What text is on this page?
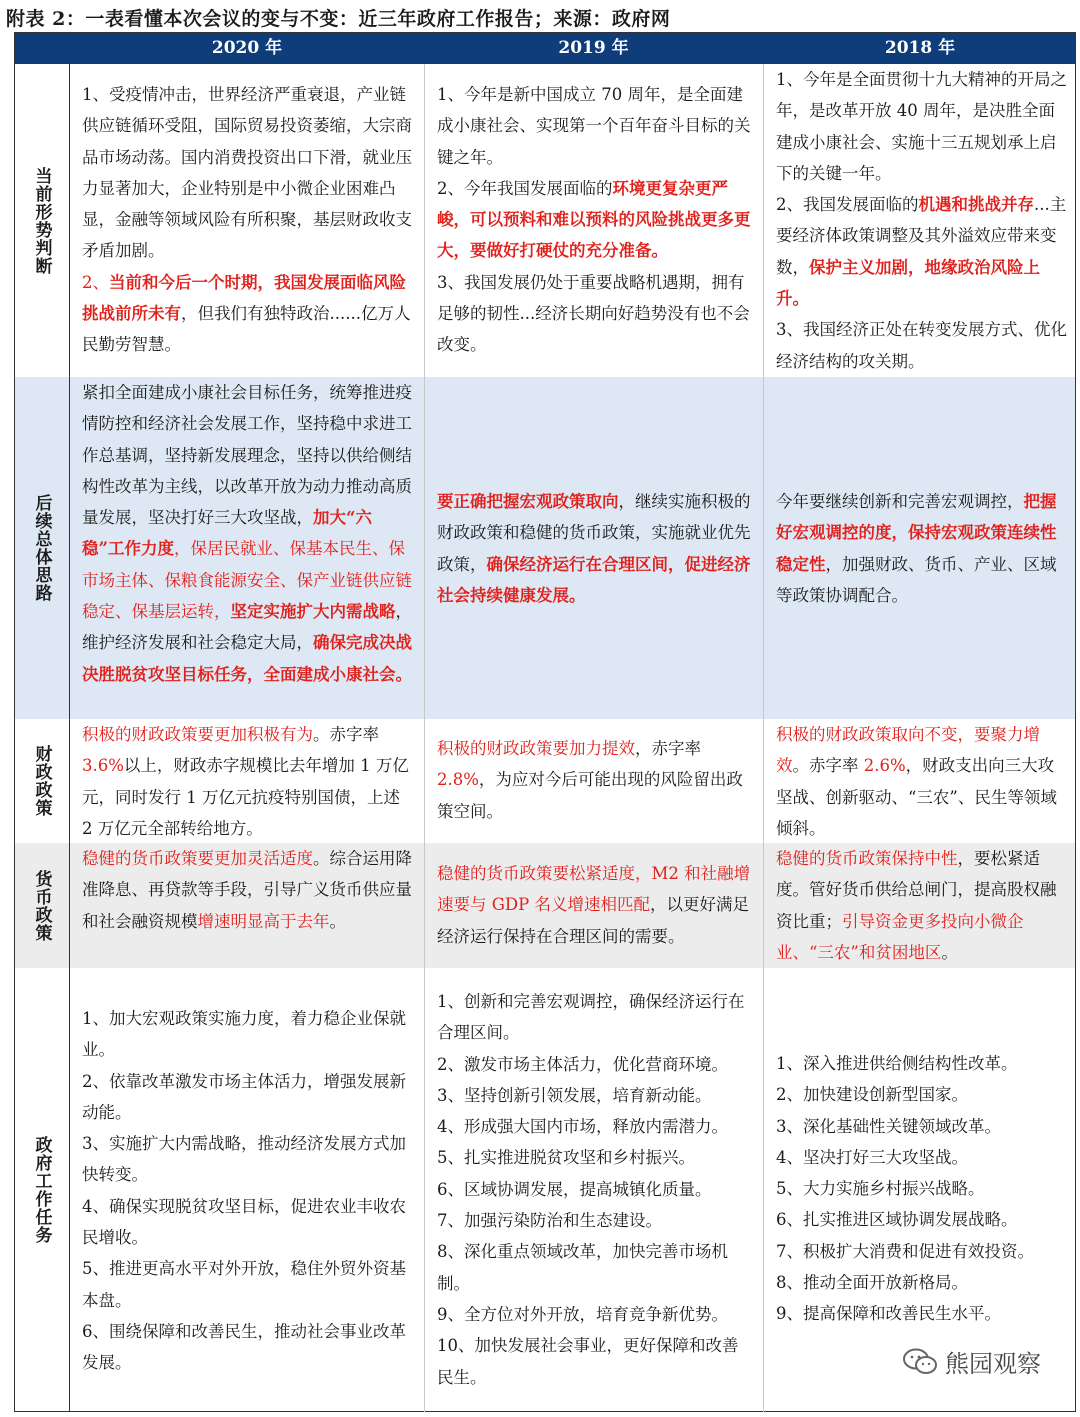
附表 2：一表看懂本次会议的变与不变：近三年政府工作报告；来源：政府网
2020 年	2019 年	2018 年
当前形势判断

1、受疫情冲击，世界经济严重衰退，产业链供应链循环受阻，国际贸易投资萎缩，大宗商品市场动荡。国内消费投资出口下滑，就业压力显著加大，企业特别是中小微企业困难凸显，金融等领域风险有所积聚，基层财政收支矛盾加剧。

2、当前和今后一个时期，我国发展面临风险挑战前所未有，但我们有独特政治......亿万人民勤劳智慧。

1、今年是新中国成立 70 周年，是全面建成小康社会、实现第一个百年奋斗目标的关键之年。

2、今年我国发展面临的环境更复杂更严峻，可以预料和难以预料的风险挑战更多更大，要做好打硬仗的充分准备。

3、我国发展仍处于重要战略机遇期，拥有足够的韧性...经济长期向好趋势没有也不会改变。

1、今年是全面贯彻十九大精神的开局之年，是改革开放 40 周年，是决胜全面建成小康社会、实施十三五规划承上启下的关键一年。

2、我国发展面临的机遇和挑战并存...主要经济体政策调整及其外溢效应带来变数，保护主义加剧，地缘政治风险上升。

3、我国经济正处在转变发展方式、优化经济结构的攻关期。

后续总体思路

紧扣全面建成小康社会目标任务，统筹推进疫情防控和经济社会发展工作，坚持稳中求进工作总基调，坚持新发展理念，坚持以供给侧结构性改革为主线，以改革开放为动力推动高质量发展，坚决打好三大攻坚战，加大“六稳”工作力度，保居民就业、保基本民生、保市场主体、保粮食能源安全、保产业链供应链稳定、保基层运转，坚定实施扩大内需战略，维护经济发展和社会稳定大局，确保完成决战决胜脱贫攻坚目标任务，全面建成小康社会。

要正确把握宏观政策取向，继续实施积极的财政政策和稳健的货币政策，实施就业优先政策，确保经济运行在合理区间，促进经济社会持续健康发展。

今年要继续创新和完善宏观调控，把握好宏观调控的度，保持宏观政策连续性稳定性，加强财政、货币、产业、区域等政策协调配合。

财政政策

积极的财政政策要更加积极有为。赤字率 3.6%以上，财政赤字规模比去年增加 1 万亿元，同时发行 1 万亿元抗疫特别国债，上述 2 万亿元全部转给地方。

积极的财政政策要加力提效，赤字率 2.8%，为应对今后可能出现的风险留出政策空间。

积极的财政政策取向不变，要聚力增效。赤字率 2.6%，财政支出向三大攻坚战、创新驱动、“三农”、民生等领域倾斜。

货币政策

稳健的货币政策要更加灵活适度。综合运用降准降息、再贷款等手段，引导广义货币供应量和社会融资规模增速明显高于去年。

稳健的货币政策要松紧适度，M2 和社融增速要与 GDP 名义增速相匹配，以更好满足经济运行保持在合理区间的需要。

稳健的货币政策保持中性，要松紧适度。管好货币供给总闸门，提高股权融资比重；引导资金更多投向小微企业、“三农”和贫困地区。

政府工作任务

1、加大宏观政策实施力度，着力稳企业保就业。

2、依靠改革激发市场主体活力，增强发展新动能。

3、实施扩大内需战略，推动经济发展方式加快转变。

4、确保实现脱贫攻坚目标，促进农业丰收农民增收。

5、推进更高水平对外开放，稳住外贸外资基本盘。

6、围绕保障和改善民生，推动社会事业改革发展。

1、创新和完善宏观调控，确保经济运行在合理区间。

2、激发市场主体活力，优化营商环境。

3、坚持创新引领发展，培育新动能。

4、形成强大国内市场，释放内需潜力。

5、扎实推进脱贫攻坚和乡村振兴。

6、区域协调发展，提高城镇化质量。

7、加强污染防治和生态建设。

8、深化重点领域改革，加快完善市场机制。

9、全方位对外开放，培育竞争新优势。

10、加快发展社会事业，更好保障和改善民生。

1、深入推进供给侧结构性改革。

2、加快建设创新型国家。

3、深化基础性关键领域改革。

4、坚决打好三大攻坚战。

5、大力实施乡村振兴战略。

6、扎实推进区域协调发展战略。

7、积极扩大消费和促进有效投资。

8、推动全面开放新格局。

9、提高保障和改善民生水平。

熊园观察
